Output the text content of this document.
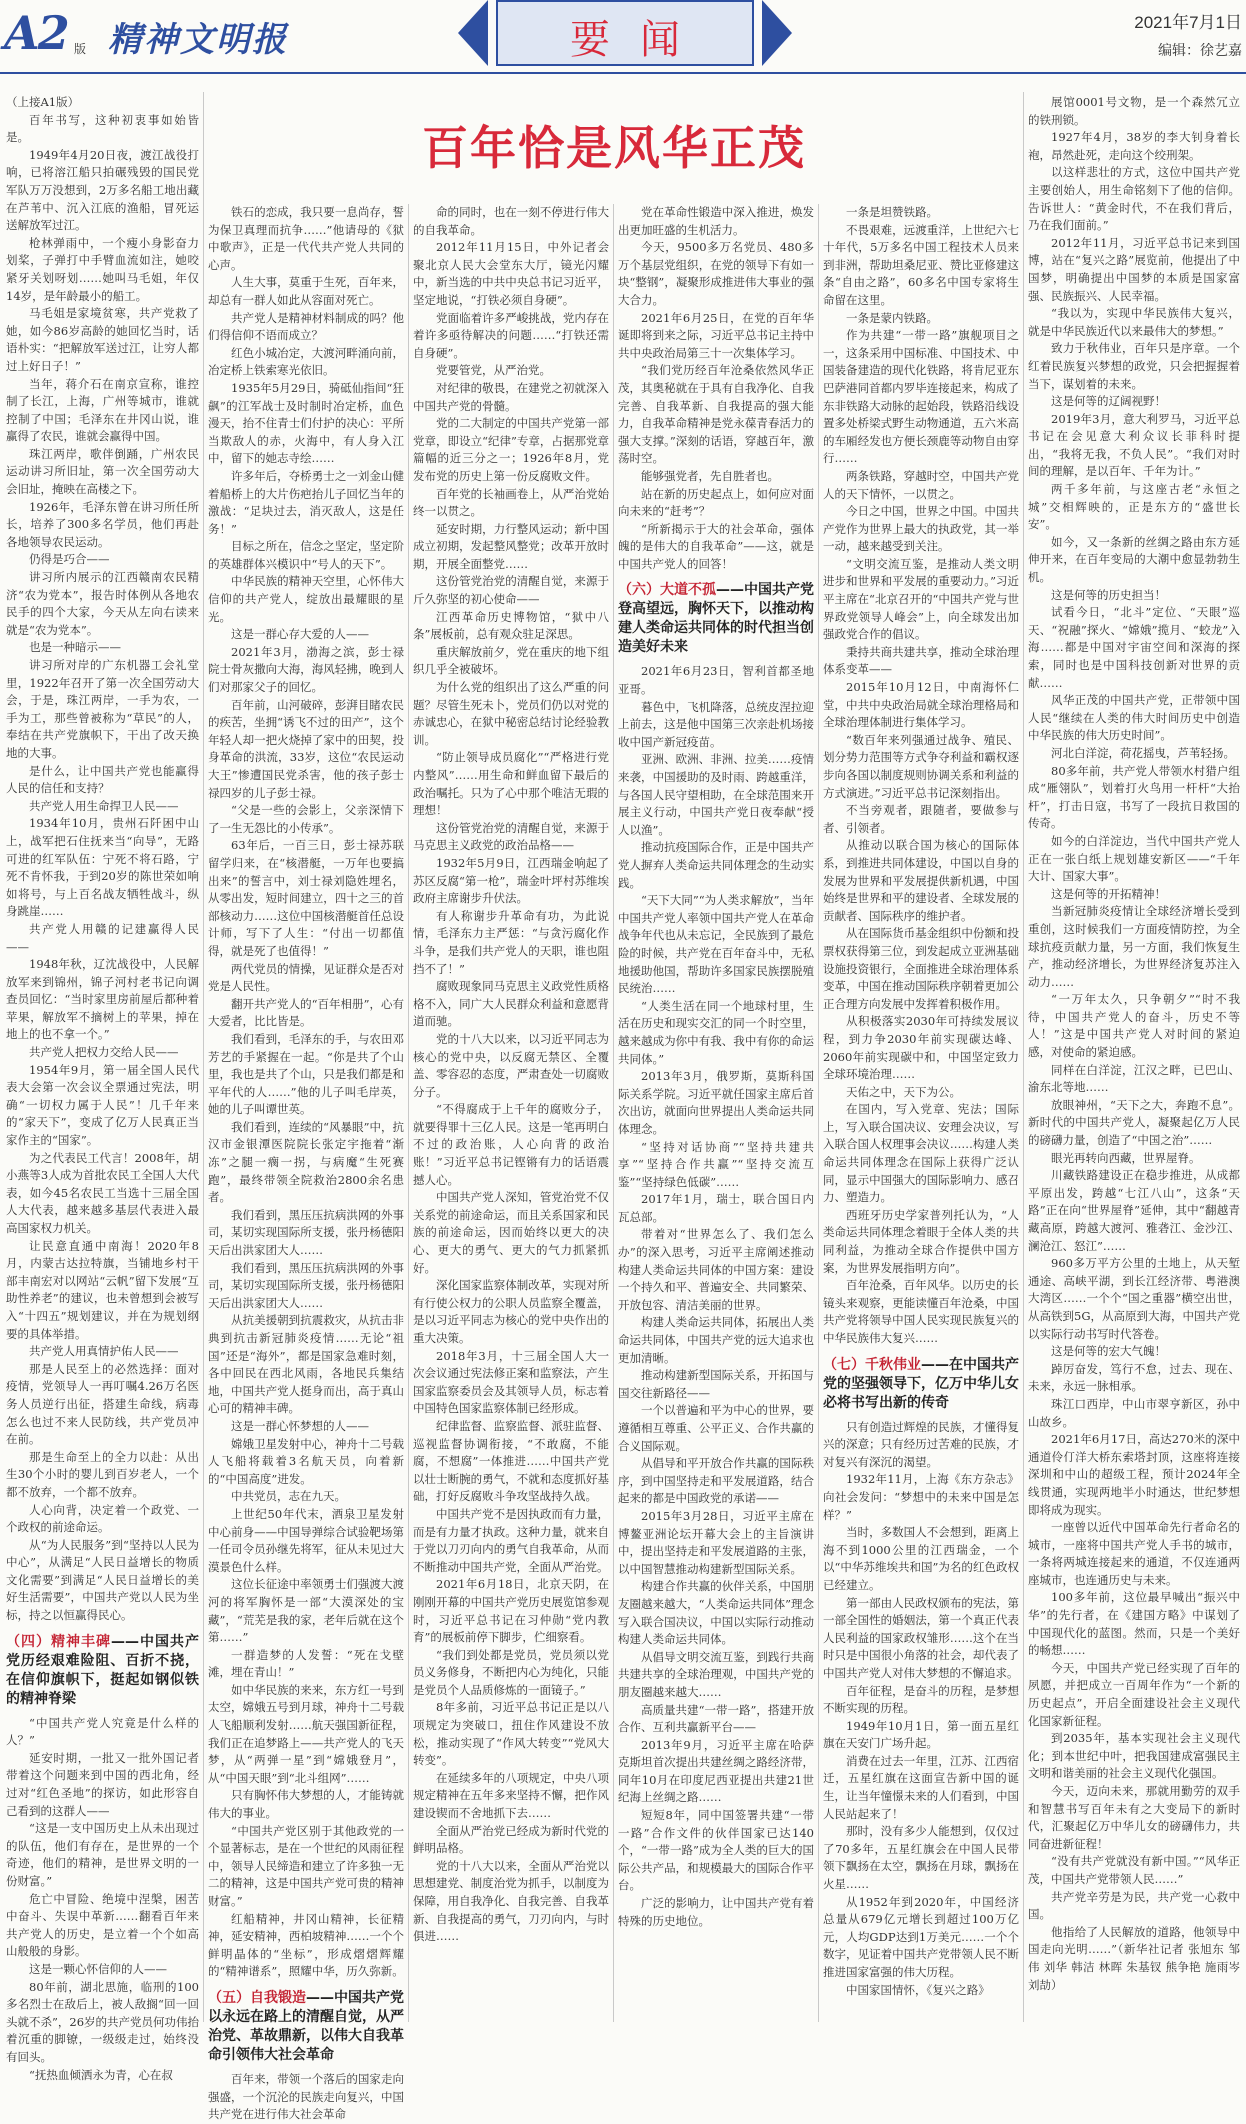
A2 版 精神文明报	要闻	2021年7月1日
编辑：徐艺嘉
百年恰是风华正茂

（上接A1版）

百年书写，这种初衷事如始皆是。

1949年4月20日夜，渡江战役打响，已将溶江船只拍碾残毁的国民党军队万万没想到，2万多名船工地出藏在芦苇中、沉入江底的渔船，冒死运送解放军过江。

枪林弹雨中，一个瘦小身影奋力划桨，子弹打中手臂血流如注，她咬紧牙关划呀划……她叫马毛姐，年仅14岁，是年龄最小的船工。

马毛姐是家境贫寒，共产党救了她，如今86岁高龄的她回忆当时，话语朴实：“把解放军送过江，让穷人都过上好日子！”

当年，蒋介石在南京宣称，谁控制了长江，上海，广州等城市，谁就控制了中国；毛泽东在井冈山说，谁赢得了农民，谁就会赢得中国。

珠江两岸，歌伴倒踊，广州农民运动讲习所旧址，第一次全国劳动大会旧址，掩映在高楼之下。

1926年，毛泽东曾在讲习所任所长，培养了300多名学员，他们再赴各地领导农民运动。

仍得是巧合——

讲习所内展示的江西赣南农民精济“农为党本”，报告时体例从各地农民手的四个大家，今天从左向右读来就是“农为党本”。

也是一种暗示——

讲习所对岸的广东机器工会礼堂里，1922年召开了第一次全国劳动大会，于是，珠江两岸，一手为农，一手为工，那些曾被称为“草民”的人，奉结在共产党旗帜下，干出了改天换地的大事。

是什么，让中国共产党也能赢得人民的信任和支持？

共产党人用生命捍卫人民——

1934年10月，贵州石阡困中山上，战军把石住抚来当“向导”，无路可进的红军队伍：宁死不将石路，宁死不肯怀我，于到20岁的陈世荣如响如将号，与上百名战友牺牲战斗，纵身跳崖……

共产党人用赣的记建赢得人民——

1948年秋，辽沈战役中，人民解放军来到锦州，锦子河村老书记向调查员回忆：“当时家里房前屋后都种着苹果，解放军不摘树上的苹果，掉在地上的也不拿一个。”

共产党人把权力交给人民——

1954年9月，第一届全国人民代表大会第一次会议全票通过宪法，明确“一切权力属于人民”！几千年来的“家天下”，变成了亿万人民真正当家作主的“国家”。

为之代表民工代言！2008年，胡小燕等3人成为首批农民工全国人大代表，如今45名农民工当选十三届全国人大代表，越来越多基层代表进入最高国家权力机关。

让民意直通中南海！2020年8月，内蒙古达拉特旗，当铺地乡村干部丰南宏对以网站“云帆”留下发展“互助性养老”的建议，也未曾想到会被写入“十四五”规划建议，并在为规划纲要的具体举措。

共产党人用真情护佑人民——

那是人民至上的必然选择：面对疫情，党领导人一再叮嘱4.26万名医务人员逆行出征，搭建生命线，病毒怎么也过不来人民防线，共产党员冲在前。

那是生命至上的全力以赴：从出生30个小时的婴儿到百岁老人，一个都不放弃，一个都不放弃。

人心向背，决定着一个政党、一个政权的前途命运。

从“为人民服务”到“坚持以人民为中心”，从满足“人民日益增长的物质文化需要”到满足“人民日益增长的美好生活需要”，中国共产党以人民为坐标，持之以恒赢得民心。

（四）精神丰碑——中国共产党历经艰难险阻、百折不挠，在信仰旗帜下，挺起如钢似铁的精神脊梁

“中国共产党人究竟是什么样的人？”

延安时期，一批又一批外国记者带着这个问题来到中国的西北角，经过对“红色圣地”的探访，如此形容自己看到的这群人——

“这是一支中国历史上从未出现过的队伍，他们有存在，是世界的一个奇迹，他们的精神，是世界文明的一份财富。”

危亡中冒险、绝境中涅槃，困苦中奋斗、失误中革新……翻看百年来共产党人的历史，是立着一个个如高山般般的身影。

这是一颗心怀信仰的人——

80年前，湖北思施，临刑的100多名烈士在敌后上，被人敌搁“回一回头就不杀”，26岁的共产党员何功伟抬着沉重的脚镣，一级级走过，始终没有回头。

“抚热血倾洒永为青，心在叔

铁石的恋成，我只要一息尚存，誓为保卫真理而抗争……”他请母的《狱中歌声》，正是一代代共产党人共同的心声。

人生大事，莫重于生死，百年来，却总有一群人如此从容面对死亡。

共产党人是精神材料制成的吗？他们得信仰不语而成立？

红色小城冶定，大渡河畔涌向前，冶定桥上铁索寒光依旧。

1935年5月29日，骑砥仙指间“狂飙”的江军战士及时制时冶定桥，血色漫天，抬不住青士们付护的决心：平所当欺敌人的赤，火海中，有人身入江中，留下的她志寺绘……

许多年后，夺桥勇士之一刘金山健着船桥上的大片伤疤抬儿子回忆当年的激战：“足块过去，消灭敌人，这是任务！”

目标之所在，信念之坚定，坚定阶的英雄群体兴模识中“号人的天下”。

中华民族的精神天空里，心怀伟大信仰的共产党人，绽放出最耀眼的星光。

这是一群心存大爱的人——

2021年3月，渤海之滨，彭士禄院士骨灰撒向大海，海风轻拂，晚到人们对那家父子的回忆。

百年前，山河破碎，彭湃目睹农民的疾苦，坐拥“诱飞不过的田产”，这个年轻人却一把火烧掉了家中的田契，投身革命的洪流，33岁，这位“农民运动大王”惨遭国民党杀害，他的孩子彭士禄四岁的儿子彭士禄。

“父是一些的会影上，父亲深情下了一生无怨比的小传承”。

63年后，一百三日，彭士禄苏联留学归来，在“核潜艇，一万年也要搞出来”的誓言中，刘士禄刘隐姓埋名，从零出发，短时间建立，四十之三的首部核动力……这位中国核潜艇首任总设计师，写下了人生：“付出一切都值得，就是死了也值得！”

两代党员的情操，见证群众是否对党是人民性。

翻开共产党人的“百年相册”，心有大爱者，比比皆是。

我们看到，毛泽东的手，与农田邓芳艺的手紧握在一起。“你是共了个山里，我也是共了个山，只是我们都是和平年代的人……”他的儿子叫毛岸英，她的儿子叫谭世英。

我们看到，连续的“风暴眼”中，抗汉市金银潭医院院长张定宇拖着“渐冻”之腿一瘸一拐，与病魔“生死赛跑”，最终带领全院救治2800余名患者。

我们看到，黑压压抗病洪网的外事司，某切实现国际所支援，张丹杨德阳天后出洪家团大人……

我们看到，黑压压抗病洪网的外事司，某切实现国际所支援，张丹杨德阳天后出洪家团大人……

从抗美援朝到抗震救灾，从抗击非典到抗击新冠肺炎疫情……无论“祖国”还是“海外”，都是国家急难时刻，各中回民在西北风雨，各地民兵集结地，中国共产党人挺身而出，高于真山心可的精神丰碑。

这是一群心怀梦想的人——

嫦娥卫星发射中心，神舟十二号载人飞船将载着3名航天员，向着新的“中国高度”进发。

中共党员，志在九天。

上世纪50年代末，酒泉卫星发射中心前身——中国导弹综合试验靶场第一任司令员孙继先将军，征从未见过大漠景色什么样。

这位长征途中率领勇士们强渡大渡河的将军胸怀是一部“大漠深处的宝藏”，“荒芜是我的家，老年后就在这个第……”

一群造梦的人发誓：“死在戈壁滩，埋在青山！”

如中华民族的来来，东方红一号到太空，嫦娥五号到月球，神舟十二号载人飞船顺利发射……航天强国新征程，我们正在追梦路上——共产党人的飞天梦，从“两弹一星”到“嫦娥登月”，从“中国天眼”到“北斗组网”……

只有胸怀伟大梦想的人，才能铸就伟大的事业。

“中国共产党区别于其他政党的一个显著标志，是在一个世纪的风雨征程中，领导人民缔造和建立了许多独一无二的精神，这是中国共产党可贵的精神财富。”

红船精神，井冈山精神，长征精神，延安精神，西柏坡精神……一个个鲜明晶体的“坐标”，形成熠熠辉耀的“精神谱系”，照耀中华，历久弥新。

（五）自我锻造——中国共产党以永远在路上的清醒自觉，从严治党、革故鼎新，以伟大自我革命引领伟大社会革命

百年来，带领一个落后的国家走向强盛，一个沉沦的民族走向复兴，中国共产党在进行伟大社会革命

命的同时，也在一刻不停进行伟大的自我革命。

2012年11月15日，中外记者会聚北京人民大会堂东大厅，镜光闪耀中，新当选的中共中央总书记习近平，坚定地说，“打铁必须自身硬”。

党面临着许多严峻挑战，党内存在着许多亟待解决的问题……“打铁还需自身硬”。

党要管党，从严治党。

对纪律的敬畏，在建党之初就深入中国共产党的骨髓。

党的二大制定的中国共产党第一部党章，即设立“纪律”专章，占据那党章篇幅的近三分之一；1926年8月，党发布党的历史上第一份反腐败文件。

百年党的长袖画卷上，从严治党始终一以贯之。

延安时期，力行整风运动；新中国成立初期，发起整风整党；改革开放时期，开展全面整党……

这份管党治党的清醒自觉，来源于斤久弥坚的初心使命——

江西革命历史博物馆，“狱中八条”展板前，总有观众驻足深思。

重庆解放前夕，党在重庆的地下组织几乎全被破坏。

为什么党的组织出了这么严重的问题？尽管生死未卜，党员们仍以对党的赤诚忠心，在狱中秘密总结讨论经验教训。

“防止领导成员腐化”“严格进行党内整风”……用生命和鲜血留下最后的政治嘱托。只为了心中那个唯洁无瑕的理想！

这份管党治党的清醒自觉，来源于马克思主义政党的政治品格——

1932年5月9日，江西瑞金响起了苏区反腐“第一枪”，瑞金叶坪村苏维埃政府主席谢步升伏法。

有人称谢步升革命有功，为此说情，毛泽东力主严惩：“与贪污腐化作斗争，是我们共产党人的天职，谁也阻挡不了！”

腐败现象同马克思主义政党性质格格不入，同广大人民群众利益和意愿背道而驰。

党的十八大以来，以习近平同志为核心的党中央，以反腐无禁区、全覆盖、零容忍的态度，严肃查处一切腐败分子。

“不得腐成于上千年的腐败分子，就要得罪十三亿人民。这是一笔再明白不过的政治账，人心向背的政治账！”习近平总书记铿锵有力的话语震撼人心。

中国共产党人深知，管党治党不仅关系党的前途命运，而且关系国家和民族的前途命运，因而始终以更大的决心、更大的勇气、更大的气力抓紧抓好。

深化国家监察体制改革，实现对所有行使公权力的公职人员监察全覆盖，是以习近平同志为核心的党中央作出的重大决策。

2018年3月，十三届全国人大一次会议通过宪法修正案和监察法，产生国家监察委员会及其领导人员，标志着中国特色国家监察体制已经形成。

纪律监督、监察监督、派驻监督、巡视监督协调衔接，“不敢腐，不能腐，不想腐”一体推进……中国共产党以壮士断腕的勇气，不就和态度抓好基础，打好反腐败斗争攻坚战持久战。

中国共产党不是因执政而有力量，而是有力量才执政。这种力量，就来自于党以刀刃向内的勇气自我革命，从而不断推动中国共产党，全面从严治党。

2021年6月18日，北京天阴，在刚刚开幕的中国共产党历史展览馆参观时，习近平总书记在习仲勋“党内教育”的展板前停下脚步，伫细察看。

“我们到处都是党员，党员须以党员义务修身，不断把内心为纯化，只能是党员个人品质修炼的一面镜子。”

8年多前，习近平总书记正是以八项规定为突破口，扭住作风建设不放松，推动实现了“作风大转变”“党风大转变”。

在延续多年的八项规定，中央八项规定精神在五年多来坚持不懈，把作风建设锲而不舍地抓下去……

全面从严治党已经成为新时代党的鲜明品格。

党的十八大以来，全面从严治党以思想建党、制度治党为抓手，以制度为保障，用自我净化、自我完善、自我革新、自我提高的勇气，刀刃向内，与时俱进……

党在革命性锻造中深入推进，焕发出更加旺盛的生机活力。

今天，9500多万名党员、480多万个基层党组织，在党的领导下有如一块“整钢”，凝聚形成推进伟大事业的强大合力。

2021年6月25日，在党的百年华诞即将到来之际，习近平总书记主持中共中央政治局第三十一次集体学习。

“我们党历经百年沧桑依然风华正茂，其奥秘就在于具有自我净化、自我完善、自我革新、自我提高的强大能力，自我革命精神是党永葆青春活力的强大支撑。”深刻的话语，穿越百年，激荡时空。

能够强党者，先自胜者也。

站在新的历史起点上，如何应对面向未来的“赶考”？

“所新揭示于大的社会革命，强体魄的是伟大的自我革命”——这，就是中国共产党人的回答！

（六）大道不孤——中国共产党登高望远，胸怀天下，以推动构建人类命运共同体的时代担当创造美好未来

2021年6月23日，智利首都圣地亚哥。

暮色中，飞机降落，总统皮涅拉迎上前去，这是他中国第三次亲赴机场接收中国产新冠疫苗。

亚洲、欧洲、非洲、拉美……疫情来袭，中国援助的及时雨、跨越重洋，与各国人民守望相助，在全球范围来开展主义行动，中国共产党日夜奉献“授人以渔”。

推动抗疫国际合作，正是中国共产党人摒弃人类命运共同体理念的生动实践。

“天下大同”“为人类求解放”，当年中国共产党人率领中国共产党人在革命战争年代也从未忘记，全民族到了最危险的时候，共产党在百年奋斗中，无私地援助他国，帮助许多国家民族摆脱殖民统治……

“人类生活在同一个地球村里，生活在历史和现实交汇的同一个时空里，越来越成为你中有我、我中有你的命运共同体。”

2013年3月，俄罗斯，莫斯科国际关系学院。习近平就任国家主席后首次出访，就面向世界提出人类命运共同体理念。

“坚持对话协商”“坚持共建共享”“坚持合作共赢”“坚持交流互鉴”“坚持绿色低碳”……

2017年1月，瑞士，联合国日内瓦总部。

带着对“世界怎么了、我们怎么办”的深入思考，习近平主席阐述推动构建人类命运共同体的中国方案：建设一个持久和平、普遍安全、共同繁荣、开放包容、清洁美丽的世界。

构建人类命运共同体，拓展出人类命运共同体，中国共产党的远大追求也更加清晰。

推动构建新型国际关系，开拓国与国交往新路径——

一个以普遍和平为中心的世界，要遵循相互尊重、公平正义、合作共赢的合义国际观。

从倡导和平开放合作共赢的国际秩序，到中国坚持走和平发展道路，结合起来的都是中国政党的承诺——

2015年3月28日，习近平主席在博鳌亚洲论坛开幕大会上的主旨演讲中，提出坚持走和平发展道路的主张，以中国智慧推动构建新型国际关系。

构建合作共赢的伙伴关系，中国朋友圈越来越大，“人类命运共同体”理念写入联合国决议，中国以实际行动推动构建人类命运共同体。

从倡导文明交流互鉴，到践行共商共建共享的全球治理观，中国共产党的朋友圈越来越大……

高质量共建“一带一路”，搭建开放合作、互利共赢新平台——

2013年9月，习近平主席在哈萨克斯坦首次提出共建丝绸之路经济带，同年10月在印度尼西亚提出共建21世纪海上丝绸之路……

短短8年，同中国签署共建“一带一路”合作文件的伙伴国家已达140个，“一带一路”成为全人类的巨大的国际公共产品，和规模最大的国际合作平台。

广泛的影响力，让中国共产党有着特殊的历史地位。

一条是坦赞铁路。

不畏艰难，远渡重洋，上世纪六七十年代，5万多名中国工程技术人员来到非洲，帮助坦桑尼亚、赞比亚修建这条“自由之路”，60多名中国专家将生命留在这里。

一条是蒙内铁路。

作为共建“一带一路”旗舰项目之一，这条采用中国标准、中国技术、中国装备建造的现代化铁路，将肯尼亚东巴萨港同首都内罗毕连接起来，构成了东非铁路大动脉的起始段，铁路沿线设置多处桥梁式野生动物通道，五六米高的车厢经发也方便长颈鹿等动物自由穿行……

两条铁路，穿越时空，中国共产党人的天下情怀，一以贯之。

今日之中国，世界之中国。中国共产党作为世界上最大的执政党，其一举一动，越来越受到关注。

“文明交流互鉴，是推动人类文明进步和世界和平发展的重要动力。”习近平主席在“北京召开的“中国共产党与世界政党领导人峰会”上，向全球发出加强政党合作的倡议。

秉持共商共建共享，推动全球治理体系变革——

2015年10月12日，中南海怀仁堂，中共中央政治局就全球治理格局和全球治理体制进行集体学习。

“数百年来列强通过战争、殖民、划分势力范围等方式争夺利益和霸权逐步向各国以制度规则协调关系和利益的方式演进。”习近平总书记深刻指出。

不当旁观者，跟随者，要做参与者、引领者。

从推动以联合国为核心的国际体系，到推进共同体建设，中国以自身的发展为世界和平发展提供新机遇，中国始终是世界和平的建设者、全球发展的贡献者、国际秩序的维护者。

从在国际货币基金组织中份额和投票权获得第三位，到发起成立亚洲基础设施投资银行，全面推进全球治理体系变革，中国在推动国际秩序朝着更加公正合理方向发展中发挥着积极作用。

从积极落实2030年可持续发展议程，到力争2030年前实现碳达峰、2060年前实现碳中和，中国坚定致力全球环境治理……

天佑之中，天下为公。

在国内，写入党章、宪法；国际上，写入联合国决议、安理会决议，写入联合国人权理事会决议……构建人类命运共同体理念在国际上获得广泛认同，显示中国强大的国际影响力、感召力、塑造力。

西班牙历史学家普列托认为，“人类命运共同体理念着眼于全体人类的共同利益，为推动全球合作提供中国方案，为世界发展指明方向”。

百年沧桑，百年风华。以历史的长镜头来观察，更能读懂百年沧桑，中国共产党将领导中国人民实现民族复兴的中华民族伟大复兴……

（七）千秋伟业——在中国共产党的坚强领导下，亿万中华儿女必将书写出新的传奇

只有创造过辉煌的民族，才懂得复兴的深意；只有经历过苦难的民族，才对复兴有深沉的渴望。

1932年11月，上海《东方杂志》向社会发问：“梦想中的未来中国是怎样？”

当时，多数国人不会想到，距离上海不到1000公里的江西瑞金，一个以“中华苏维埃共和国”为名的红色政权已经建立。

第一部由人民政权颁布的宪法，第一部全国性的婚姻法，第一个真正代表人民利益的国家政权雏形……这个在当时只是中国很小角落的社会，却代表了中国共产党人对伟大梦想的不懈追求。

百年征程，是奋斗的历程，是梦想不断实现的历程。

1949年10月1日，第一面五星红旗在天安门广场升起。

消费在过去一年里，江苏、江西宿迁，五星红旗在这面宣告新中国的诞生，让当年憧憬未来的人们看到，中国人民站起来了！

那时，没有多少人能想到，仅仅过了70多年，五星红旗会在中国人民带领下飘扬在太空，飘扬在月球，飘扬在火星……

从1952年到2020年，中国经济总量从679亿元增长到超过100万亿元，人均GDP达到1万美元……一个个数字，见证着中国共产党带领人民不断推进国家富强的伟大历程。

中国家国情怀，《复兴之路》

展馆0001号文物，是一个森然冗立的铁刑锁。

1927年4月，38岁的李大钊身着长袍，昂然赴死，走向这个绞刑架。

以这样悲壮的方式，这位中国共产党主要创始人，用生命铭刻下了他的信仰。告诉世人：“黄金时代，不在我们背后，乃在我们面前。”

2012年11月，习近平总书记来到国博，站在“复兴之路”展览前，他提出了中国梦，明确提出中国梦的本质是国家富强、民族振兴、人民幸福。

“我以为，实现中华民族伟大复兴，就是中华民族近代以来最伟大的梦想。”

致力于秋伟业，百年只是序章。一个红着民族复兴梦想的政党，只会把握握着当下，谋划着的未来。

这是何等的辽阔视野！

2019年3月，意大利罗马，习近平总书记在会见意大利众议长菲科时提出，“我将无我，不负人民”。“我们对时间的理解，是以百年、千年为计。”

两千多年前，与这座古老“永恒之城”交相辉映的，正是东方的“盛世长安”。

如今，又一条新的丝绸之路由东方延伸开来，在百年变局的大潮中愈显勃勃生机。

这是何等的历史担当！

试看今日，“北斗”定位、“天眼”巡天、“祝融”探火、“嫦娥”揽月、“蛟龙”入海……都是中国对宇宙空间和深海的探索，同时也是中国科技创新对世界的贡献……

风华正茂的中国共产党，正带领中国人民“继续在人类的伟大时间历史中创造中华民族的伟大历史时间”。

河北白洋淀，荷花摇曳，芦苇轻扬。

80多年前，共产党人带领水村猎户组成“雁翎队”，划着打火鸟用一杆杆“大抬杆”，打击日寇，书写了一段抗日救国的传奇。

如今的白洋淀边，当代中国共产党人正在一张白纸上规划雄安新区——“千年大计、国家大事”。

这是何等的开拓精神！

当新冠肺炎疫情让全球经济增长受到重创，这时候我们一方面疫情防控，为全球抗疫贡献力量，另一方面，我们恢复生产，推动经济增长，为世界经济复苏注入动力……

“一万年太久，只争朝夕”“时不我待，中国共产党人的奋斗，历史不等人！”这是中国共产党人对时间的紧迫感，对使命的紧迫感。

同样在白洋淀，江汉之畔，已巴山、渝东北等地……

放眼神州，“天下之大，奔跑不息”。新时代的中国共产党人，凝聚起亿万人民的磅礴力量，创造了“中国之治”……

眼光再转向西藏，世界屋脊。

川藏铁路建设正在稳步推进，从成都平原出发，跨越“七江八山”，这条“天路”正在向“世界屋脊”延伸，其中“翻越青藏高原，跨越大渡河、雅砻江、金沙江、澜沧江、怒江”……

960多万平方公里的土地上，从天堑通途、高峡平湖，到长江经济带、粤港澳大湾区……一个个“国之重器”横空出世，从高铁到5G，从高原到大海，中国共产党以实际行动书写时代答卷。

这是何等的宏大气魄！

踔厉奋发，笃行不怠，过去、现在、未来，永远一脉相承。

珠江口西岸，中山市翠亨新区，孙中山故乡。

2021年6月17日，高达270米的深中通道伶仃洋大桥东索塔封顶，这座将连接深圳和中山的超级工程，预计2024年全线贯通，实现两地半小时通达，世纪梦想即将成为现实。

一座曾以近代中国革命先行者命名的城市，一座将中国共产党人手书的城市，一条将两城连接起来的通道，不仅连通两座城市，也连通历史与未来。

100多年前，这位最早喊出“振兴中华”的先行者，在《建国方略》中谋划了中国现代化的蓝图。然而，只是一个美好的畅想……

今天，中国共产党已经实现了百年的夙愿，并把成立一百周年作为“一个新的历史起点”，开启全面建设社会主义现代化国家新征程。

到2035年，基本实现社会主义现代化；到本世纪中叶，把我国建成富强民主文明和谐美丽的社会主义现代化强国。

今天，迈向未来，那就用勤劳的双手和智慧书写百年未有之大变局下的新时代，汇聚起亿万中华儿女的磅礴伟力，共同奋进新征程！

“没有共产党就没有新中国。”“风华正茂，中国共产党带领人民……”

共产党辛劳是为民，共产党一心救中国。

他指给了人民解放的道路，他领导中国走向光明……”（新华社记者 张旭东 邹伟 刘华 韩洁 林晖 朱基钗 熊争艳 施雨岑 刘劼）
